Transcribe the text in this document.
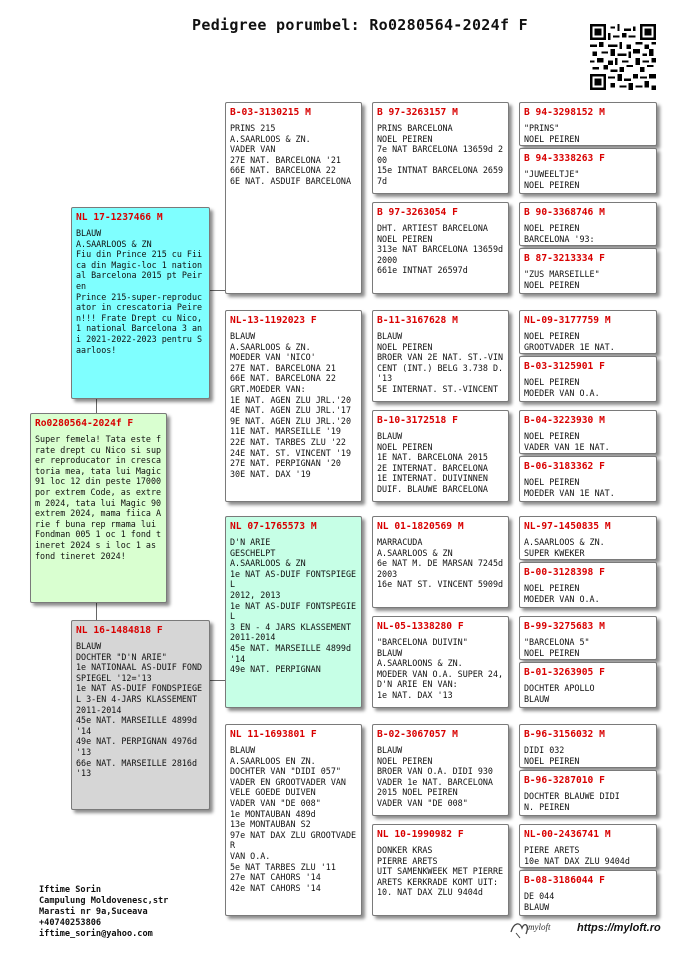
Pedigree porumbel: Ro0280564-2024f F
Ro0280564-2024f F
Super femela! Tata este frate drept cu Nico si super reproducator in crescatoria mea, tata lui Magic 91 loc 12 din peste 17000 por extrem Code, as extrem 2024, tata lui Magic 90 extrem 2024, mama fiica Arie f buna rep rmama lui Fondman 005 1 oc 1 fond tineret 2024 s i loc 1 as fond tineret 2024!
NL 17-1237466 M
BLAUW
A.SAARLOOS & ZN
Fiu din Prince 215 cu Fiica din Magic-loc 1 national Barcelona 2015 pt Peiren
Prince 215-super-reproducator in crescatoria Peiren!!! Frate Drept cu Nico, 1 national Barcelona 3 ani 2021-2022-2023 pentru Saarloos!
NL 16-1484818 F
BLAUW
DOCHTER "D'N ARIE"
1e NATIONAAL AS-DUIF FONDSPIEGEL '12='13
1e NAT AS-DUIF FONDSPIEGEL 3-EN 4-JARS KLASSEMENT
2011-2014
45e NAT. MARSEILLE 4899d '14
49e NAT. PERPIGNAN 4976d '13
66e NAT. MARSEILLE 2816d '13
B-03-3130215 M
PRINS 215
A.SAARLOOS & ZN.
VADER VAN
27E NAT. BARCELONA '21
66E NAT. BARCELONA 22
6E NAT. ASDUIF BARCELONA
NL-13-1192023 F
BLAUW
A.SAARLOOS & ZN.
MOEDER VAN 'NICO'
27E NAT. BARCELONA 21
66E NAT. BARCELONA 22
GRT.MOEDER VAN:
1E NAT. AGEN ZLU JRL.'20
4E NAT. AGEN ZLU JRL.'17
9E NAT. AGEN ZLU JRL.'20
11E NAT. MARSEILLE '19
22E NAT. TARBES ZLU '22
24E NAT. ST. VINCENT '19
27E NAT. PERPIGNAN '20
30E NAT. DAX '19
NL 07-1765573 M
D'N ARIE
GESCHELPT
A.SAARLOOS & ZN
1e NAT AS-DUIF FONTSPIEGEL
2012, 2013
1e NAT AS-DUIF FONTSPEGIEL
3 EN - 4 JARS KLASSEMENT
2011-2014
45e NAT. MARSEILLE 4899d '14
49e NAT. PERPIGNAN
NL 11-1693801 F
BLAUW
A.SAARLOOS EN ZN.
DOCHTER VAN "DIDI 057"
VADER EN GROOTVADER VAN
VELE GOEDE DUIVEN
VADER VAN "DE 008"
1e MONTAUBAN 489d
13e MONTAUBAN S2
97e NAT DAX ZLU GROOTVADER
VAN O.A.
5e NAT TARBES ZLU '11
27e NAT CAHORS '14
42e NAT CAHORS '14
B 97-3263157 M
PRINS BARCELONA
NOEL PEIREN
7e NAT BARCELONA 13659d 200
15e INTNAT BARCELONA 26597d
B 97-3263054 F
DHT. ARTIEST BARCELONA
NOEL PEIREN
313e NAT BARCELONA 13659d 2000
661e INTNAT 26597d
B-11-3167628 M
BLAUW
NOEL PEIREN
BROER VAN 2E NAT. ST.-VINCENT (INT.) BELG 3.738 D. '13
5E INTERNAT. ST.-VINCENT
B-10-3172518 F
BLAUW
NOEL PEIREN
1E NAT. BARCELONA 2015
2E INTERNAT. BARCELONA
1E INTERNAT. DUIVINNEN
DUIF. BLAUWE BARCELONA
NL 01-1820569 M
MARRACUDA
A.SAARLOOS & ZN
6e NAT M. DE MARSAN 7245d 2003
16e NAT ST. VINCENT 5909d
NL-05-1338280 F
"BARCELONA DUIVIN"
BLAUW
A.SAARLOONS & ZN.
MOEDER VAN O.A. SUPER 24, D'N ARIE EN VAN:
1e NAT. DAX '13
B-02-3067057 M
BLAUW
NOEL PEIREN
BROER VAN O.A. DIDI 930
VADER 1e NAT. BARCELONA
2015 NOEL PEIREN
VADER VAN "DE 008"
NL 10-1990982 F
DONKER KRAS
PIERRE ARETS
UIT SAMENKWEEK MET PIERRE
ARETS KERKRADE KOMT UIT:
10. NAT DAX ZLU 9404d
B 94-3298152 M
"PRINS"
NOEL PEIREN
B 94-3338263 F
"JUWEELTJE"
NOEL PEIREN
B 90-3368746 M
NOEL PEIREN
BARCELONA '93:
B 87-3213334 F
"ZUS MARSEILLE"
NOEL PEIREN
NL-09-3177759 M
NOEL PEIREN
GROOTVADER 1E NAT.
B-03-3125901 F
NOEL PEIREN
MOEDER VAN O.A.
B-04-3223930 M
NOEL PEIREN
VADER VAN 1E NAT.
B-06-3183362 F
NOEL PEIREN
MOEDER VAN 1E NAT.
NL-97-1450835 M
A.SAARLOOS & ZN.
SUPER KWEKER
B-00-3128398 F
NOEL PEIREN
MOEDER VAN O.A.
B-99-3275683 M
"BARCELONA 5"
NOEL PEIREN
B-01-3263905 F
DOCHTER APOLLO
BLAUW
B-96-3156032 M
DIDI 032
NOEL PEIREN
B-96-3287010 F
DOCHTER BLAUWE DIDI
N. PEIREN
NL-00-2436741 M
PIERE ARETS
10e NAT DAX ZLU 9404d
B-08-3186044 F
DE 044
BLAUW
Iftime Sorin
Campulung Moldovenesc,str
Marasti nr 9a,Suceava
+40740253806
iftime_sorin@yahoo.com
myloft https://myloft.ro
